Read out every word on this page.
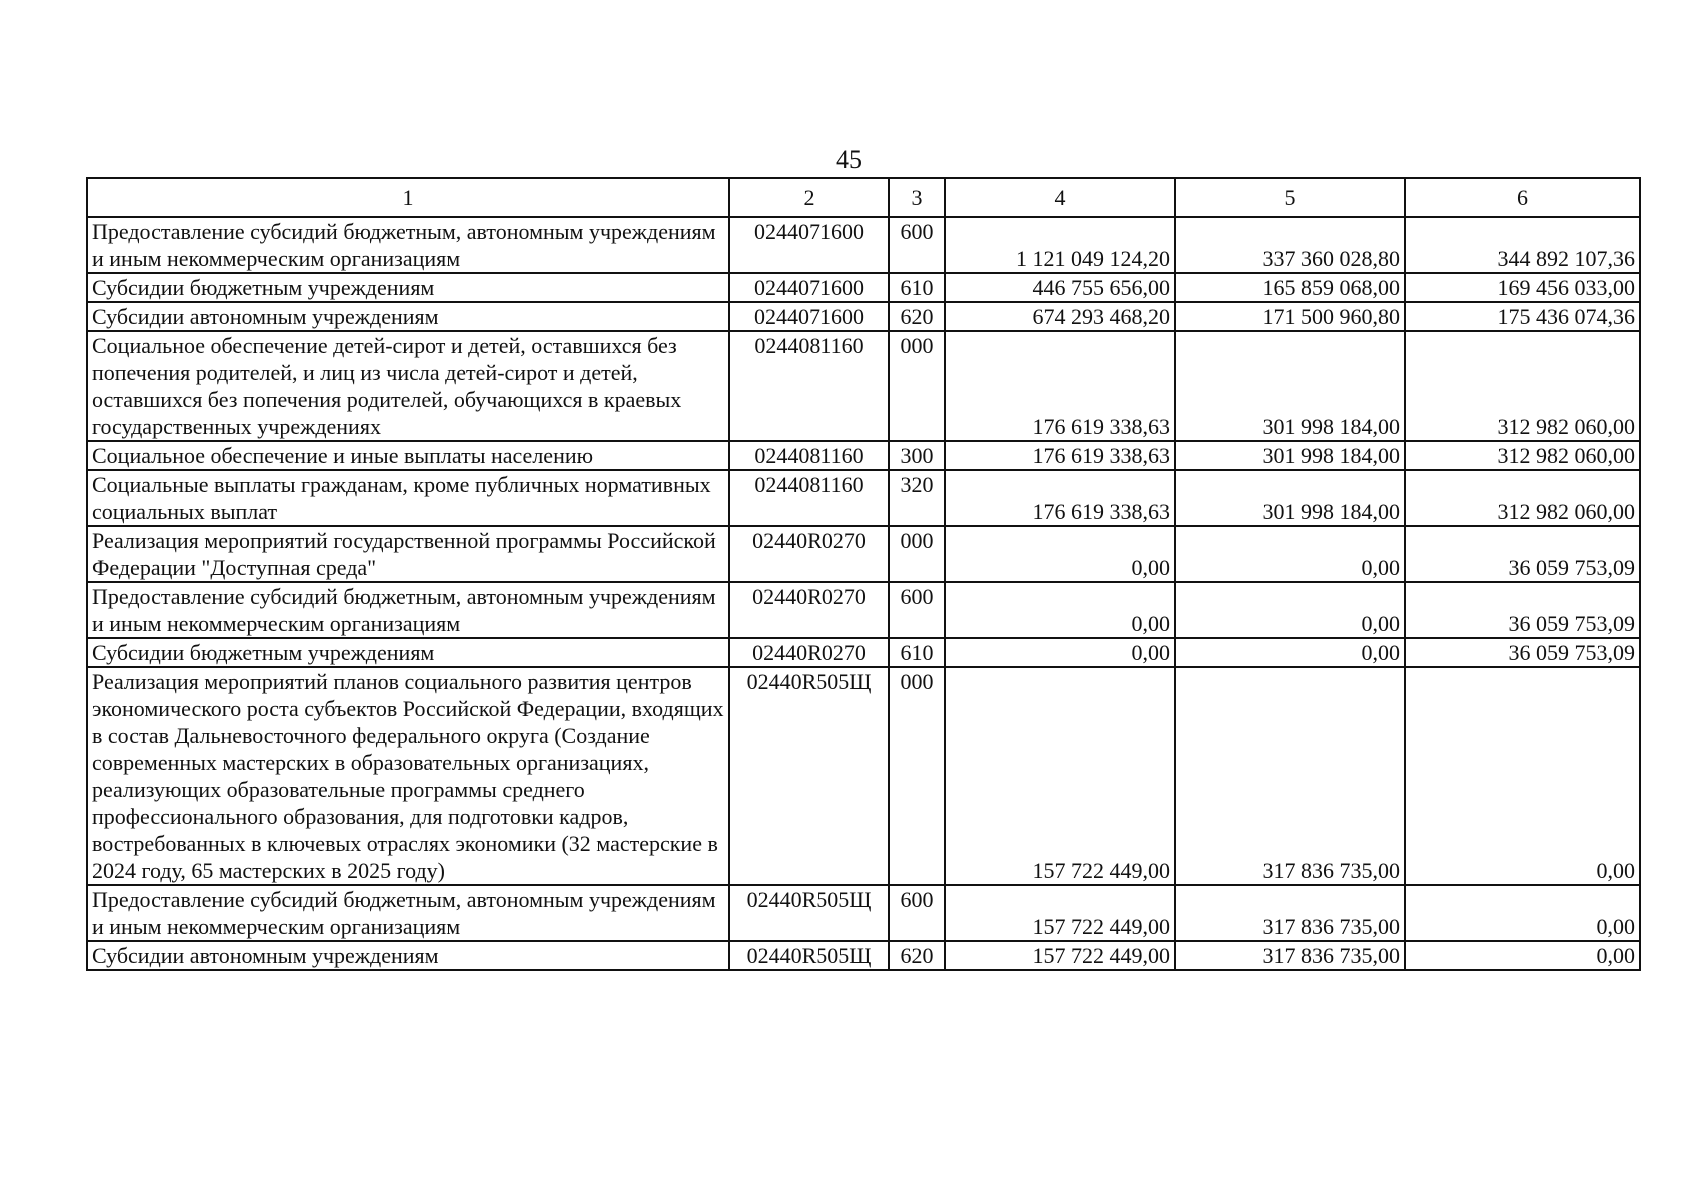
45
1	2	3	4	5	6
Предоставление субсидий бюджетным, автономным учреждениям и иным некоммерческим организациям	0244071600	600	1 121 049 124,20	337 360 028,80	344 892 107,36
Субсидии бюджетным учреждениям	0244071600	610	446 755 656,00	165 859 068,00	169 456 033,00
Субсидии автономным учреждениям	0244071600	620	674 293 468,20	171 500 960,80	175 436 074,36
Социальное обеспечение детей-сирот и детей, оставшихся без попечения родителей, и лиц из числа детей-сирот и детей, оставшихся без попечения родителей, обучающихся в краевых государственных учреждениях	0244081160	000	176 619 338,63	301 998 184,00	312 982 060,00
Социальное обеспечение и иные выплаты населению	0244081160	300	176 619 338,63	301 998 184,00	312 982 060,00
Социальные выплаты гражданам, кроме публичных нормативных социальных выплат	0244081160	320	176 619 338,63	301 998 184,00	312 982 060,00
Реализация мероприятий государственной программы Российской Федерации "Доступная среда"	02440R0270	000	0,00	0,00	36 059 753,09
Предоставление субсидий бюджетным, автономным учреждениям и иным некоммерческим организациям	02440R0270	600	0,00	0,00	36 059 753,09
Субсидии бюджетным учреждениям	02440R0270	610	0,00	0,00	36 059 753,09
Реализация мероприятий планов социального развития центров экономического роста субъектов Российской Федерации, входящих в состав Дальневосточного федерального округа (Создание современных мастерских в образовательных организациях, реализующих образовательные программы среднего профессионального образования, для подготовки кадров, востребованных в ключевых отраслях экономики (32 мастерские в 2024 году, 65 мастерских в 2025 году)	02440R505Щ	000	157 722 449,00	317 836 735,00	0,00
Предоставление субсидий бюджетным, автономным учреждениям и иным некоммерческим организациям	02440R505Щ	600	157 722 449,00	317 836 735,00	0,00
Субсидии автономным учреждениям	02440R505Щ	620	157 722 449,00	317 836 735,00	0,00
